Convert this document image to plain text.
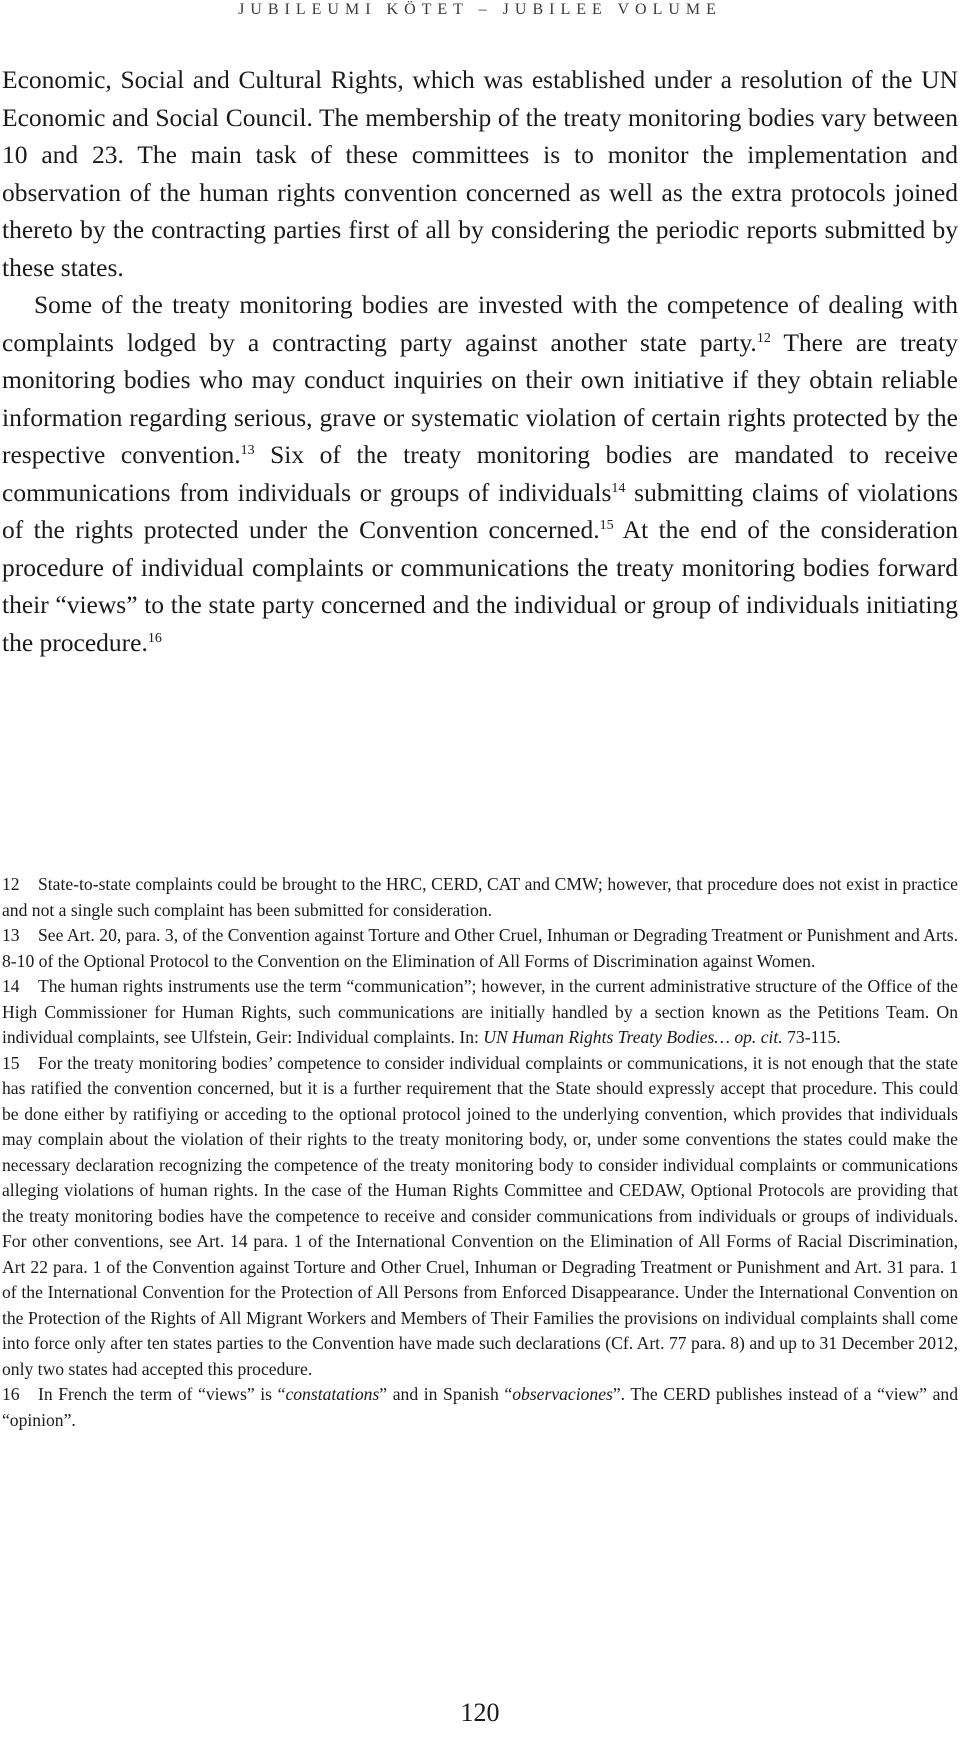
JUBILEUMI KÖTET – JUBILEE VOLUME

Economic, Social and Cultural Rights, which was established under a resolution of the UN Economic and Social Council. The membership of the treaty monitoring bodies vary between 10 and 23. The main task of these committees is to monitor the implementation and observation of the human rights convention concerned as well as the extra protocols joined thereto by the contracting parties first of all by considering the periodic reports submitted by these states.

Some of the treaty monitoring bodies are invested with the competence of dealing with complaints lodged by a contracting party against another state party.$^{12}$ There are treaty monitoring bodies who may conduct inquiries on their own initiative if they obtain reliable information regarding serious, grave or systematic violation of certain rights protected by the respective convention.$^{13}$ Six of the treaty monitoring bodies are mandated to receive communications from individuals or groups of individuals$^{14}$ submitting claims of violations of the rights protected under the Convention concerned.$^{15}$ At the end of the consideration procedure of individual complaints or communications the treaty monitoring bodies forward their “views” to the state party concerned and the individual or group of individuals initiating the procedure.$^{16}$

12 State-to-state complaints could be brought to the HRC, CERD, CAT and CMW; however, that procedure does not exist in practice and not a single such complaint has been submitted for consideration.

13 See Art. 20, para. 3, of the Convention against Torture and Other Cruel, Inhuman or Degrading Treatment or Punishment and Arts. 8-10 of the Optional Protocol to the Convention on the Elimination of All Forms of Discrimination against Women.

14 The human rights instruments use the term “communication”; however, in the current administrative structure of the Office of the High Commissioner for Human Rights, such communications are initially handled by a section known as the Petitions Team. On individual complaints, see Ulfstein, Geir: Individual complaints. In: UN Human Rights Treaty Bodies… op. cit. 73-115.

15 For the treaty monitoring bodies’ competence to consider individual complaints or communications, it is not enough that the state has ratified the convention concerned, but it is a further requirement that the State should expressly accept that procedure. This could be done either by ratifiying or acceding to the optional protocol joined to the underlying convention, which provides that individuals may complain about the violation of their rights to the treaty monitoring body, or, under some conventions the states could make the necessary declaration recognizing the competence of the treaty monitoring body to consider individual complaints or communications alleging violations of human rights. In the case of the Human Rights Committee and CEDAW, Optional Protocols are providing that the treaty monitoring bodies have the competence to receive and consider communications from individuals or groups of individuals. For other conventions, see Art. 14 para. 1 of the International Convention on the Elimination of All Forms of Racial Discrimination, Art 22 para. 1 of the Convention against Torture and Other Cruel, Inhuman or Degrading Treatment or Punishment and Art. 31 para. 1 of the International Convention for the Protection of All Persons from Enforced Disappearance. Under the International Convention on the Protection of the Rights of All Migrant Workers and Members of Their Families the provisions on individual complaints shall come into force only after ten states parties to the Convention have made such declarations (Cf. Art. 77 para. 8) and up to 31 December 2012, only two states had accepted this procedure.

16 In French the term of “views” is “constatations” and in Spanish “observaciones”. The CERD publishes instead of a “view” and “opinion”.

120
